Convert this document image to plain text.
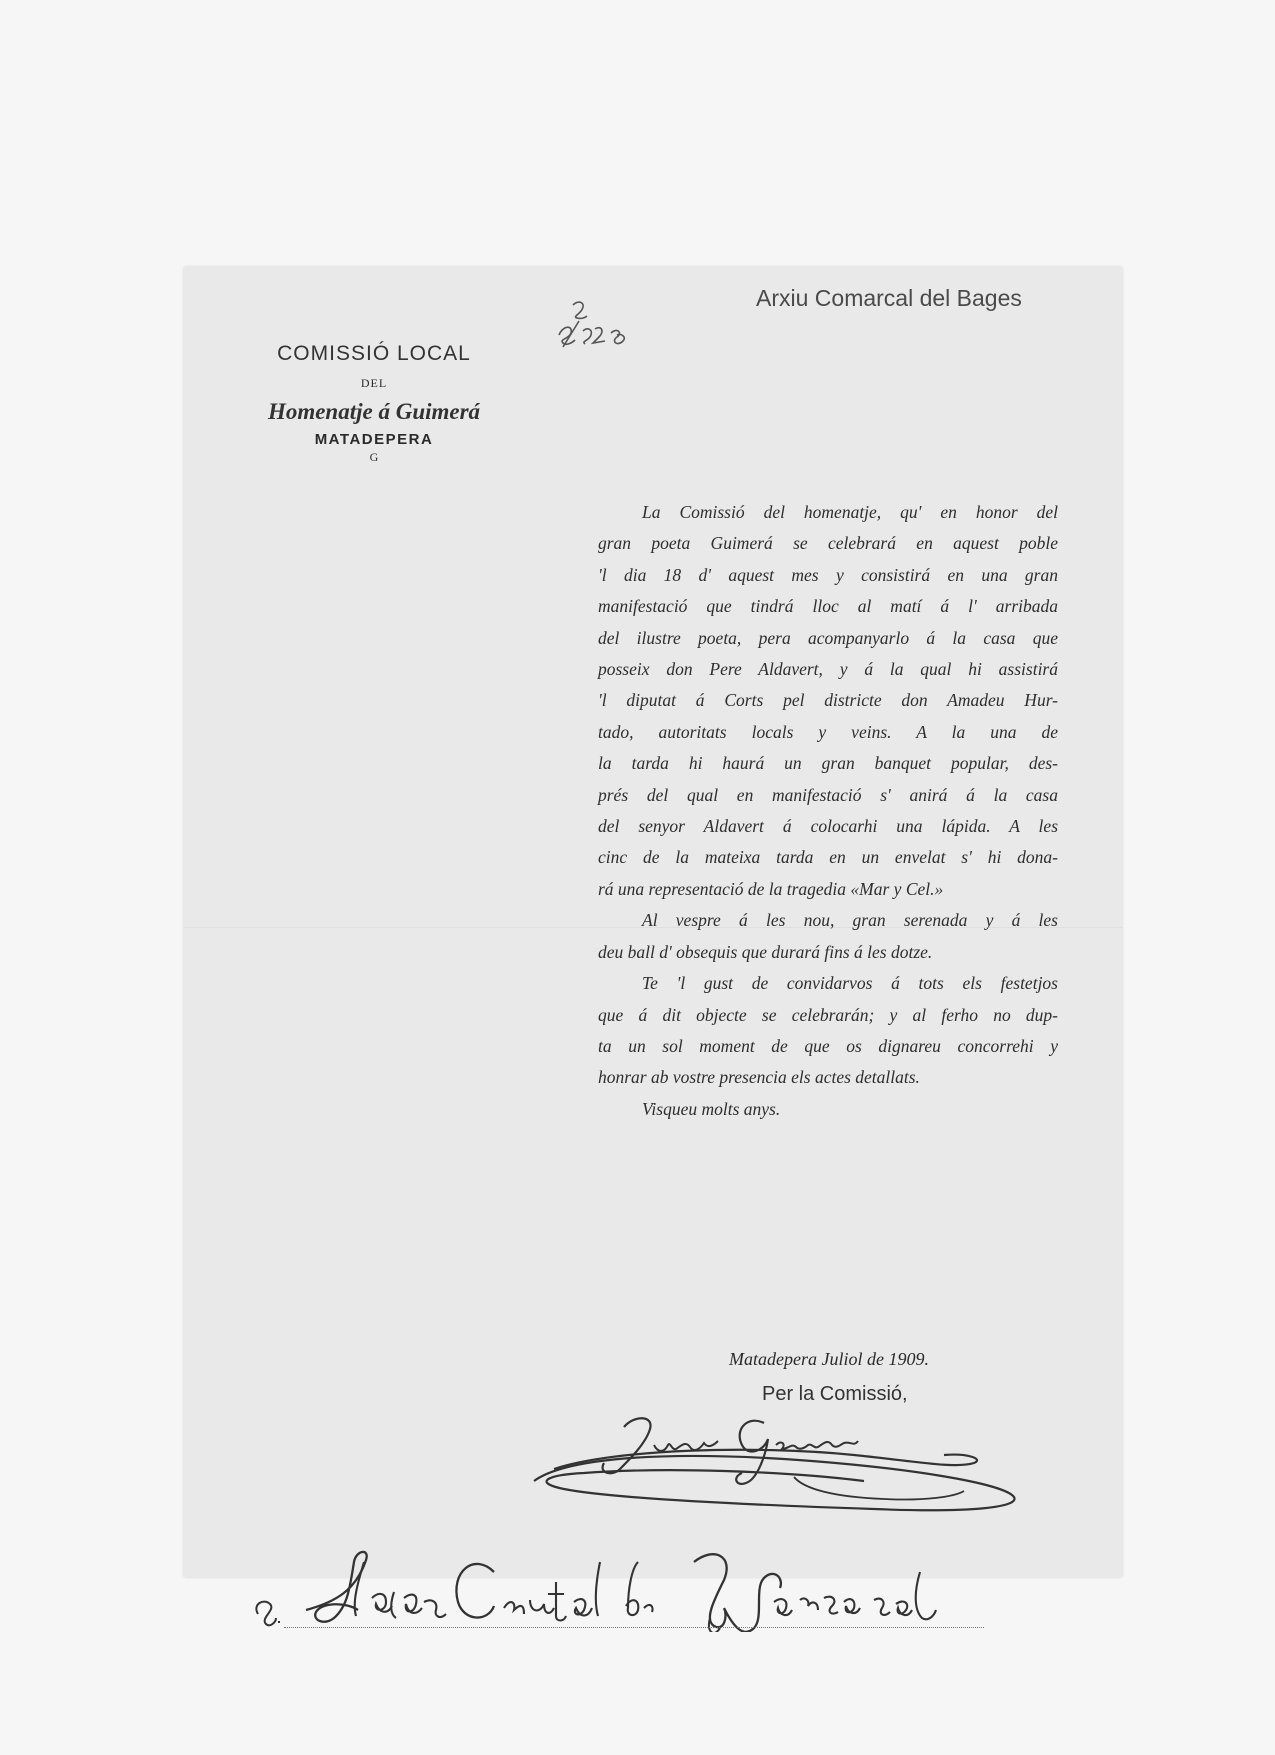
Arxiu Comarcal del Bages
COMISSIÓ LOCAL
DEL
Homenatje á Guimerá
MATADEPERA
G
La Comissió del homenatje, qu' en honor del
gran poeta Guimerá se celebrará en aquest poble
'l dia 18 d' aquest mes y consistirá en una gran
manifestació que tindrá lloc al matí á l' arribada
del ilustre poeta, pera acompanyarlo á la casa que
posseix don Pere Aldavert, y á la qual hi assistirá
'l diputat á Corts pel districte don Amadeu Hur-
tado, autoritats locals y veins. A la una de
la tarda hi haurá un gran banquet popular, des-
prés del qual en manifestació s' anirá á la casa
del senyor Aldavert á colocarhi una lápida. A les
cinc de la mateixa tarda en un envelat s' hi dona-
rá una representació de la tragedia «Mar y Cel.»
Al vespre á les nou, gran serenada y á les
deu ball d' obsequis que durará fins á les dotze.
Te 'l gust de convidarvos á tots els festetjos
que á dit objecte se celebrarán; y al ferho no dup-
ta un sol moment de que os dignareu concorrehi y
honrar ab vostre presencia els actes detallats.
Visqueu molts anys.
Matadepera Juliol de 1909.
Per la Comissió,
